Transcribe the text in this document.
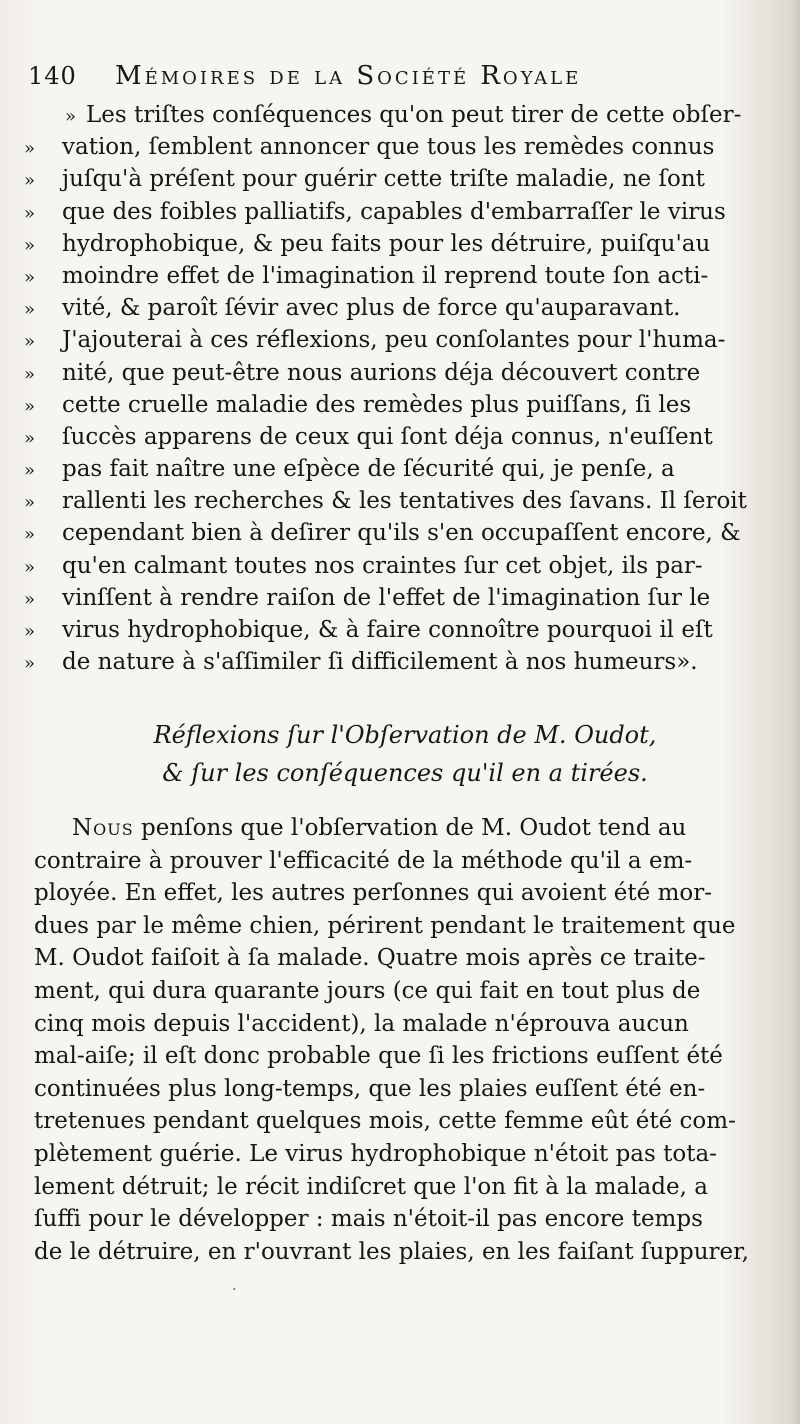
140 Mémoires de la Société Royale
» Les triſtes conſéquences qu'on peut tirer de cette obſer-
» vation, ſemblent annoncer que tous les remèdes connus
» juſqu'à préſent pour guérir cette triſte maladie, ne ſont
» que des foibles palliatifs, capables d'embarraſſer le virus
» hydrophobique, & peu faits pour les détruire, puiſqu'au
» moindre effet de l'imagination il reprend toute ſon acti-
» vité, & paroît ſévir avec plus de force qu'auparavant.
» J'ajouterai à ces réflexions, peu conſolantes pour l'huma-
» nité, que peut-être nous aurions déja découvert contre
» cette cruelle maladie des remèdes plus puiſſans, ſi les
» ſuccès apparens de ceux qui ſont déja connus, n'euſſent
» pas fait naître une eſpèce de ſécurité qui, je penſe, a
» rallenti les recherches & les tentatives des ſavans. Il ſeroit
» cependant bien à deſirer qu'ils s'en occupaſſent encore, &
» qu'en calmant toutes nos craintes ſur cet objet, ils par-
» vinſſent à rendre raiſon de l'effet de l'imagination ſur le
» virus hydrophobique, & à faire connoître pourquoi il eſt
» de nature à s'aſſimiler ſi difficilement à nos humeurs».
Réflexions ſur l'Obſervation de M. Oudot,
& ſur les conſéquences qu'il en a tirées.
Nous penſons que l'obſervation de M. Oudot tend au
contraire à prouver l'efficacité de la méthode qu'il a em-
ployée. En effet, les autres perſonnes qui avoient été mor-
dues par le même chien, périrent pendant le traitement que
M. Oudot faiſoit à ſa malade. Quatre mois après ce traite-
ment, qui dura quarante jours (ce qui fait en tout plus de
cinq mois depuis l'accident), la malade n'éprouva aucun
mal-aiſe; il eſt donc probable que ſi les frictions euſſent été
continuées plus long-temps, que les plaies euſſent été en-
tretenues pendant quelques mois, cette femme eût été com-
plètement guérie. Le virus hydrophobique n'étoit pas tota-
lement détruit; le récit indiſcret que l'on fit à la malade, a
ſuffi pour le développer : mais n'étoit-il pas encore temps
de le détruire, en r'ouvrant les plaies, en les faiſant ſuppurer,
·
